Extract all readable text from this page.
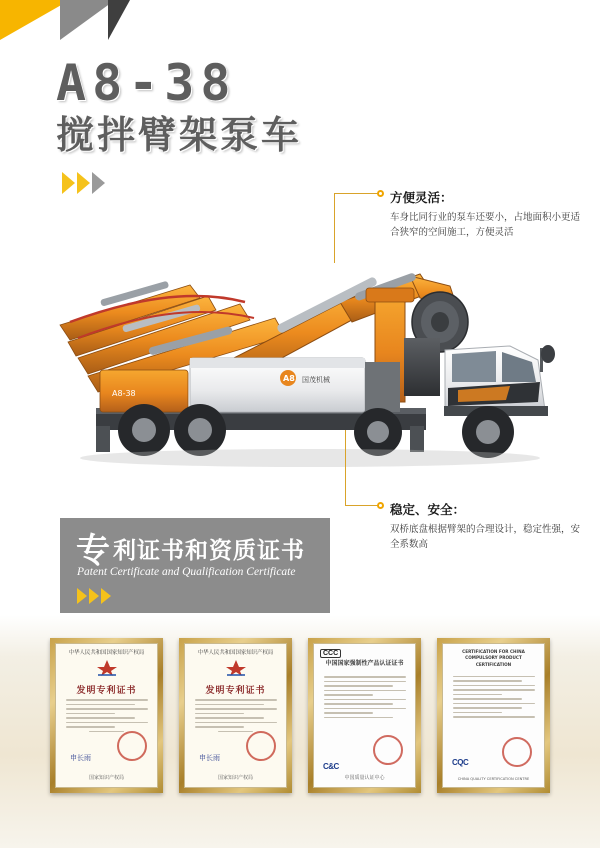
A8-38
搅拌臂架泵车
A8-38
A8 国茂机械
方便灵活：
车身比同行业的泵车还要小，占地面积小更适合狭窄的空间施工，方便灵活
稳定、安全：
双桥底盘根据臂架的合理设计，稳定性强，安全系数高
专利证书和资质证书
Patent Certificate and Qualification Certificate
中华人民共和国国家知识产权局
发明专利证书
申长雨
国家知识产权局
中华人民共和国国家知识产权局
发明专利证书
申长雨
国家知识产权局
CCC
中国国家强制性产品认证证书
C&C
中国质量认证中心
CERTIFICATION FOR CHINA COMPULSORY PRODUCT CERTIFICATION
CQC
CHINA QUALITY CERTIFICATION CENTRE
